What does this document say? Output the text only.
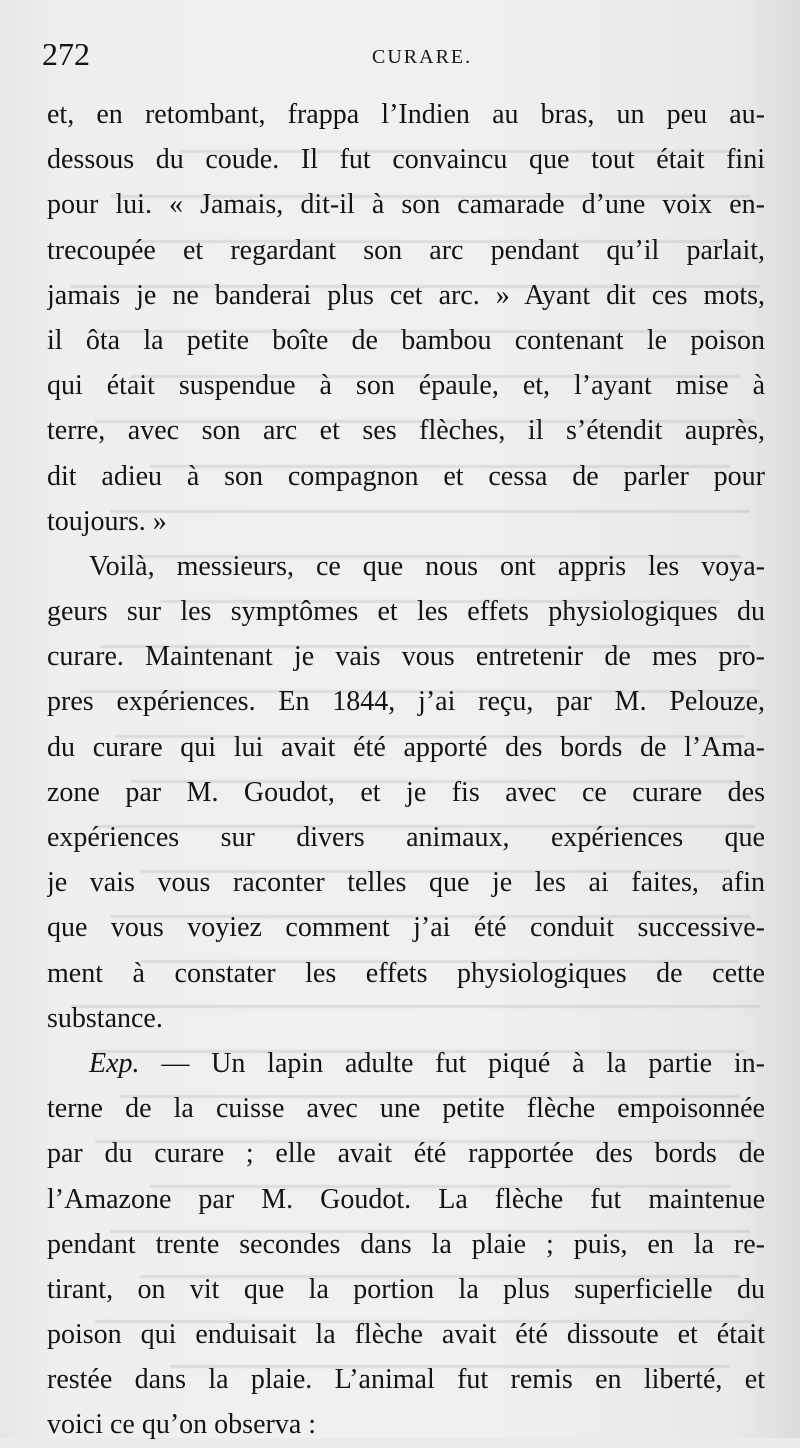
272	CURARE.
et, en retombant, frappa l’Indien au bras, un peu au-
dessous du coude. Il fut convaincu que tout était fini
pour lui. « Jamais, dit-il à son camarade d’une voix en-
trecoupée et regardant son arc pendant qu’il parlait,
jamais je ne banderai plus cet arc. » Ayant dit ces mots,
il ôta la petite boîte de bambou contenant le poison
qui était suspendue à son épaule, et, l’ayant mise à
terre, avec son arc et ses flèches, il s’étendit auprès,
dit adieu à son compagnon et cessa de parler pour
toujours. »
Voilà, messieurs, ce que nous ont appris les voya-
geurs sur les symptômes et les effets physiologiques du
curare. Maintenant je vais vous entretenir de mes pro-
pres expériences. En 1844, j’ai reçu, par M. Pelouze,
du curare qui lui avait été apporté des bords de l’Ama-
zone par M. Goudot, et je fis avec ce curare des
expériences sur divers animaux, expériences que
je vais vous raconter telles que je les ai faites, afin
que vous voyiez comment j’ai été conduit successive-
ment à constater les effets physiologiques de cette
substance.
Exp. — Un lapin adulte fut piqué à la partie in-
terne de la cuisse avec une petite flèche empoisonnée
par du curare ; elle avait été rapportée des bords de
l’Amazone par M. Goudot. La flèche fut maintenue
pendant trente secondes dans la plaie ; puis, en la re-
tirant, on vit que la portion la plus superficielle du
poison qui enduisait la flèche avait été dissoute et était
restée dans la plaie. L’animal fut remis en liberté, et
voici ce qu’on observa :
